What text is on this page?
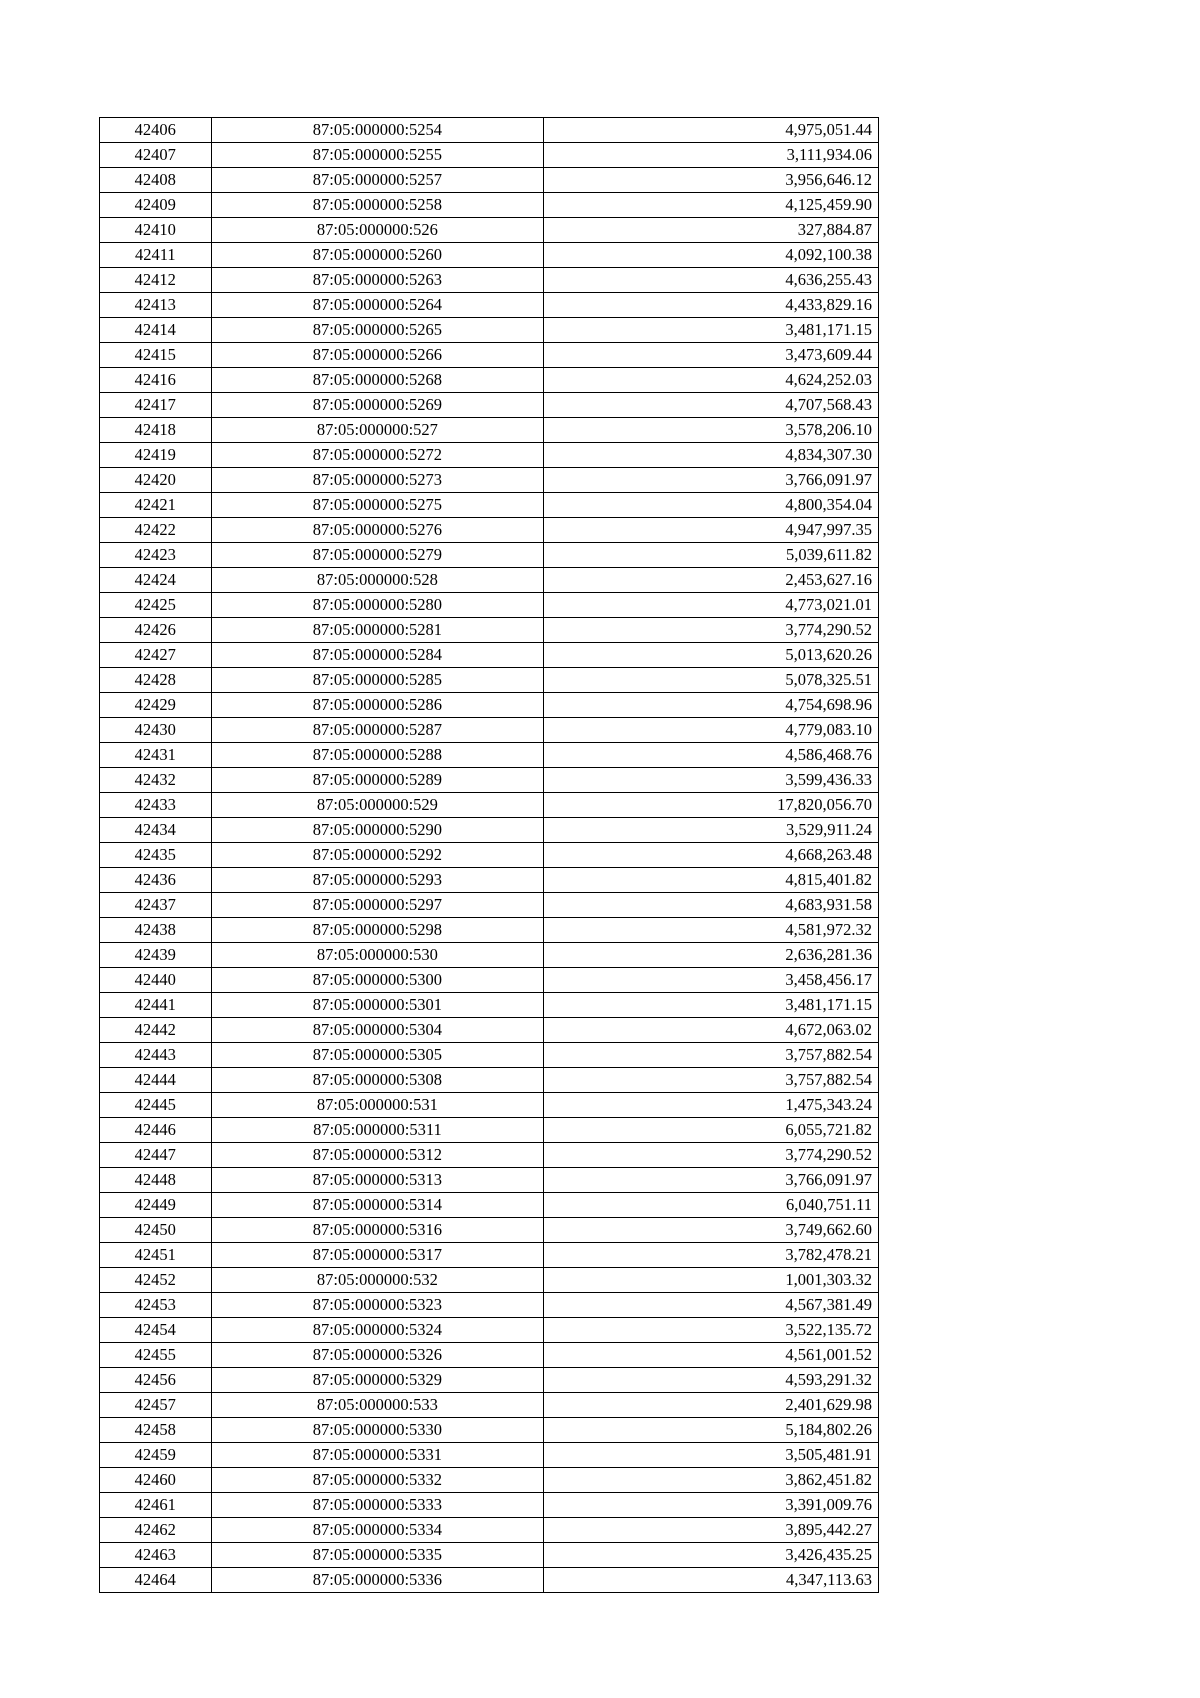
42406	87:05:000000:5254	4,975,051.44
42407	87:05:000000:5255	3,111,934.06
42408	87:05:000000:5257	3,956,646.12
42409	87:05:000000:5258	4,125,459.90
42410	87:05:000000:526	327,884.87
42411	87:05:000000:5260	4,092,100.38
42412	87:05:000000:5263	4,636,255.43
42413	87:05:000000:5264	4,433,829.16
42414	87:05:000000:5265	3,481,171.15
42415	87:05:000000:5266	3,473,609.44
42416	87:05:000000:5268	4,624,252.03
42417	87:05:000000:5269	4,707,568.43
42418	87:05:000000:527	3,578,206.10
42419	87:05:000000:5272	4,834,307.30
42420	87:05:000000:5273	3,766,091.97
42421	87:05:000000:5275	4,800,354.04
42422	87:05:000000:5276	4,947,997.35
42423	87:05:000000:5279	5,039,611.82
42424	87:05:000000:528	2,453,627.16
42425	87:05:000000:5280	4,773,021.01
42426	87:05:000000:5281	3,774,290.52
42427	87:05:000000:5284	5,013,620.26
42428	87:05:000000:5285	5,078,325.51
42429	87:05:000000:5286	4,754,698.96
42430	87:05:000000:5287	4,779,083.10
42431	87:05:000000:5288	4,586,468.76
42432	87:05:000000:5289	3,599,436.33
42433	87:05:000000:529	17,820,056.70
42434	87:05:000000:5290	3,529,911.24
42435	87:05:000000:5292	4,668,263.48
42436	87:05:000000:5293	4,815,401.82
42437	87:05:000000:5297	4,683,931.58
42438	87:05:000000:5298	4,581,972.32
42439	87:05:000000:530	2,636,281.36
42440	87:05:000000:5300	3,458,456.17
42441	87:05:000000:5301	3,481,171.15
42442	87:05:000000:5304	4,672,063.02
42443	87:05:000000:5305	3,757,882.54
42444	87:05:000000:5308	3,757,882.54
42445	87:05:000000:531	1,475,343.24
42446	87:05:000000:5311	6,055,721.82
42447	87:05:000000:5312	3,774,290.52
42448	87:05:000000:5313	3,766,091.97
42449	87:05:000000:5314	6,040,751.11
42450	87:05:000000:5316	3,749,662.60
42451	87:05:000000:5317	3,782,478.21
42452	87:05:000000:532	1,001,303.32
42453	87:05:000000:5323	4,567,381.49
42454	87:05:000000:5324	3,522,135.72
42455	87:05:000000:5326	4,561,001.52
42456	87:05:000000:5329	4,593,291.32
42457	87:05:000000:533	2,401,629.98
42458	87:05:000000:5330	5,184,802.26
42459	87:05:000000:5331	3,505,481.91
42460	87:05:000000:5332	3,862,451.82
42461	87:05:000000:5333	3,391,009.76
42462	87:05:000000:5334	3,895,442.27
42463	87:05:000000:5335	3,426,435.25
42464	87:05:000000:5336	4,347,113.63
